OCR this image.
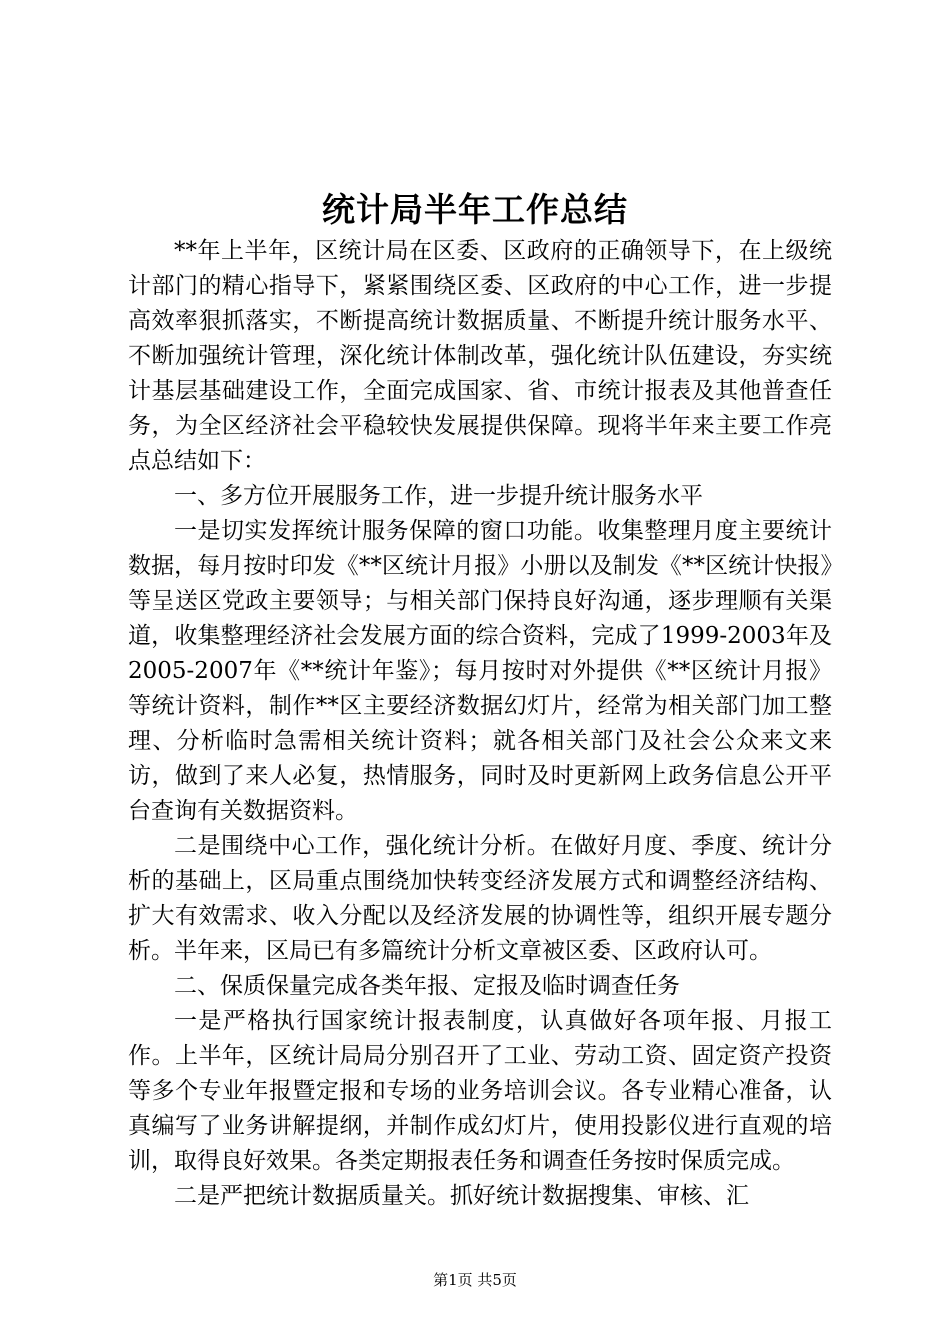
统计局半年工作总结

**年上半年，区统计局在区委、区政府的正确领导下，在上级统计部门的精心指导下，紧紧围绕区委、区政府的中心工作，进一步提高效率狠抓落实，不断提高统计数据质量、不断提升统计服务水平、不断加强统计管理，深化统计体制改革，强化统计队伍建设，夯实统计基层基础建设工作，全面完成国家、省、市统计报表及其他普查任务，为全区经济社会平稳较快发展提供保障。现将半年来主要工作亮点总结如下：

一、多方位开展服务工作，进一步提升统计服务水平

一是切实发挥统计服务保障的窗口功能。收集整理月度主要统计数据，每月按时印发《**区统计月报》小册以及制发《**区统计快报》等呈送区党政主要领导；与相关部门保持良好沟通，逐步理顺有关渠道，收集整理经济社会发展方面的综合资料，完成了1999-2003年及2005-2007年《**统计年鉴》；每月按时对外提供《**区统计月报》等统计资料，制作**区主要经济数据幻灯片，经常为相关部门加工整理、分析临时急需相关统计资料；就各相关部门及社会公众来文来访，做到了来人必复，热情服务，同时及时更新网上政务信息公开平台查询有关数据资料。

二是围绕中心工作，强化统计分析。在做好月度、季度、统计分析的基础上，区局重点围绕加快转变经济发展方式和调整经济结构、扩大有效需求、收入分配以及经济发展的协调性等，组织开展专题分析。半年来，区局已有多篇统计分析文章被区委、区政府认可。

二、保质保量完成各类年报、定报及临时调查任务

一是严格执行国家统计报表制度，认真做好各项年报、月报工作。上半年，区统计局局分别召开了工业、劳动工资、固定资产投资等多个专业年报暨定报和专场的业务培训会议。各专业精心准备，认真编写了业务讲解提纲，并制作成幻灯片，使用投影仪进行直观的培训，取得良好效果。各类定期报表任务和调查任务按时保质完成。

二是严把统计数据质量关。抓好统计数据搜集、审核、汇

第1页 共5页
